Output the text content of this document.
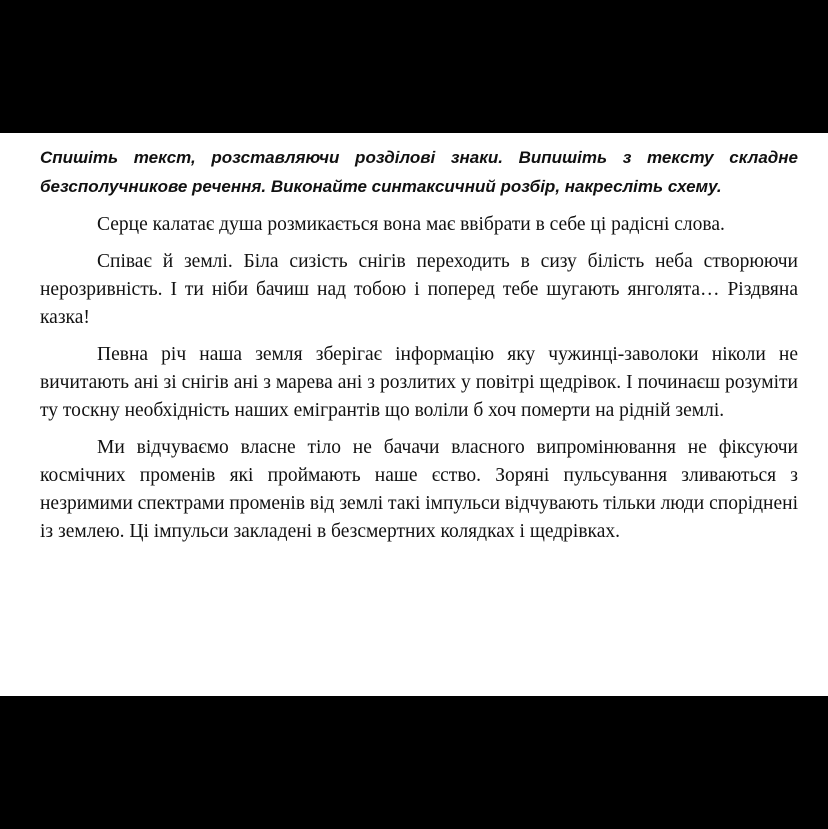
Спишіть текст, розставляючи розділові знаки. Випишіть з тексту складне безсполучникове речення. Виконайте синтаксичний розбір, накресліть схему.

Серце калатає душа розмикається вона має ввібрати в себе ці радісні слова.

Співає й землі. Біла сизість снігів переходить в сизу білість неба створюючи нерозривність. І ти ніби бачиш над тобою і поперед тебе шугають янголята… Різдвяна казка!

Певна річ наша земля зберігає інформацію яку чужинці-заволоки ніколи не вичитають ані зі снігів ані з марева ані з розлитих у повітрі щедрівок. І починаєш розуміти ту тоскну необхідність наших емігрантів що воліли б хоч померти на рідній землі.

Ми відчуваємо власне тіло не бачачи власного випромінювання не фіксуючи космічних променів які проймають наше єство. Зоряні пульсування зливаються з незримими спектрами променів від землі такі імпульси відчувають тільки люди споріднені із землею. Ці імпульси закладені в безсмертних колядках і щедрівках.
